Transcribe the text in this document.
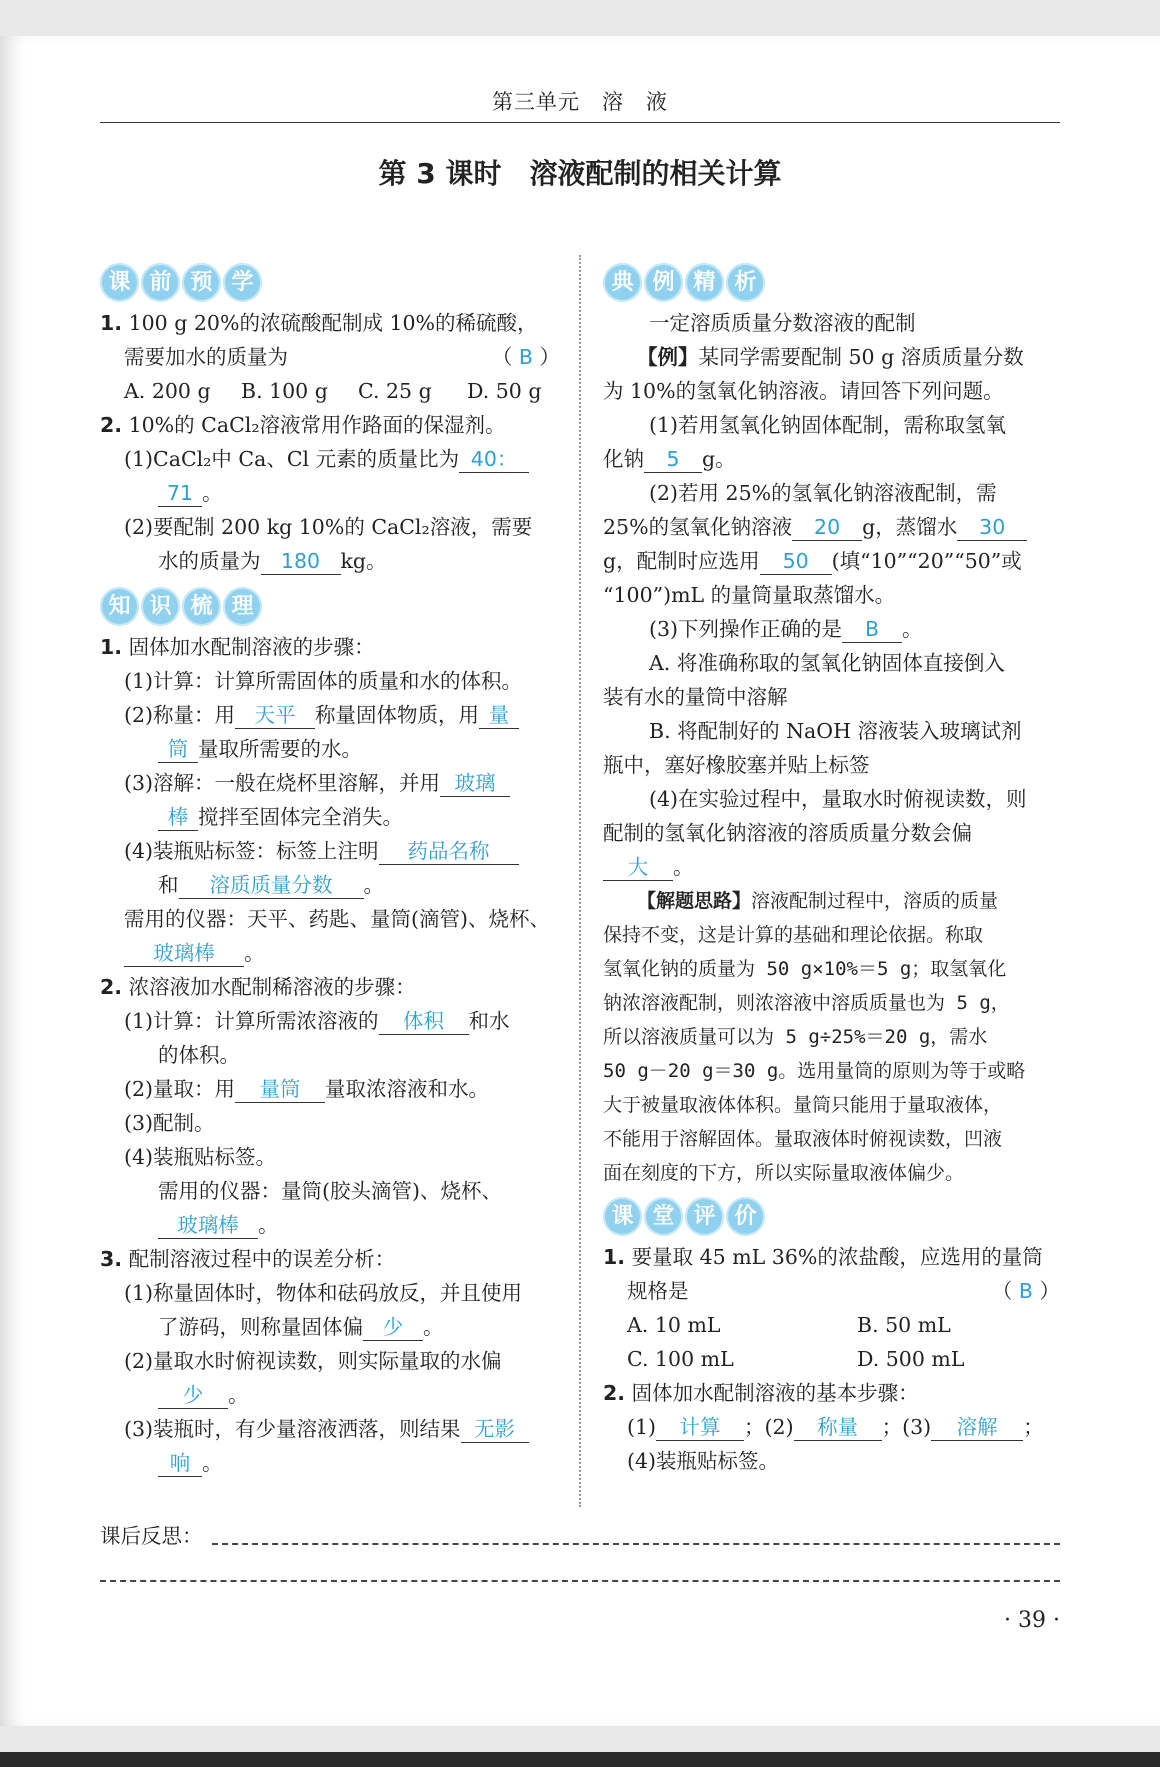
第三单元　溶　液
第 3 课时　溶液配制的相关计算
课 前 预 学
1. 100 g 20%的浓硫酸配制成 10%的稀硫酸，
需要加水的质量为	（ B ）
A. 200 g	B. 100 g	C. 25 g	D. 50 g
2. 10%的 CaCl₂溶液常用作路面的保湿剂。
(1)CaCl₂中 Ca、Cl 元素的质量比为 40：
71 。
(2)要配制 200 kg 10%的 CaCl₂溶液，需要
水的质量为 180 kg。
知 识 梳 理
1. 固体加水配制溶液的步骤：
(1)计算：计算所需固体的质量和水的体积。
(2)称量：用 天平 称量固体物质，用 量
筒 量取所需要的水。
(3)溶解：一般在烧杯里溶解，并用 玻璃
棒 搅拌至固体完全消失。
(4)装瓶贴标签：标签上注明 药品名称
和 溶质质量分数 。
需用的仪器：天平、药匙、量筒(滴管)、烧杯、
玻璃棒 。
2. 浓溶液加水配制稀溶液的步骤：
(1)计算：计算所需浓溶液的 体积 和水
的体积。
(2)量取：用 量筒 量取浓溶液和水。
(3)配制。
(4)装瓶贴标签。
需用的仪器：量筒(胶头滴管)、烧杯、
玻璃棒 。
3. 配制溶液过程中的误差分析：
(1)称量固体时，物体和砝码放反，并且使用
了游码，则称量固体偏 少 。
(2)量取水时俯视读数，则实际量取的水偏
少 。
(3)装瓶时，有少量溶液洒落，则结果 无影
响 。
典 例 精 析
一定溶质质量分数溶液的配制
【例】某同学需要配制 50 g 溶质质量分数
为 10%的氢氧化钠溶液。请回答下列问题。
(1)若用氢氧化钠固体配制，需称取氢氧
化钠 5 g。
(2)若用 25%的氢氧化钠溶液配制，需
25%的氢氧化钠溶液 20 g，蒸馏水 30
g，配制时应选用 50 (填“10”“20”“50”或
“100”)mL 的量筒量取蒸馏水。
(3)下列操作正确的是 B 。
A. 将准确称取的氢氧化钠固体直接倒入
装有水的量筒中溶解
B. 将配制好的 NaOH 溶液装入玻璃试剂
瓶中，塞好橡胶塞并贴上标签
(4)在实验过程中，量取水时俯视读数，则
配制的氢氧化钠溶液的溶质质量分数会偏
大 。
【解题思路】溶液配制过程中，溶质的质量
保持不变，这是计算的基础和理论依据。称取
氢氧化钠的质量为 50 g×10%＝5 g；取氢氧化
钠浓溶液配制，则浓溶液中溶质质量也为 5 g，
所以溶液质量可以为 5 g÷25%＝20 g，需水
50 g－20 g＝30 g。选用量筒的原则为等于或略
大于被量取液体体积。量筒只能用于量取液体，
不能用于溶解固体。量取液体时俯视读数，凹液
面在刻度的下方，所以实际量取液体偏少。
课 堂 评 价
1. 要量取 45 mL 36%的浓盐酸，应选用的量筒
规格是	（ B ）
A. 10 mL	B. 50 mL
C. 100 mL	D. 500 mL
2. 固体加水配制溶液的基本步骤：
(1) 计算 ；(2) 称量 ；(3) 溶解 ；
(4)装瓶贴标签。
课后反思：
· 39 ·
